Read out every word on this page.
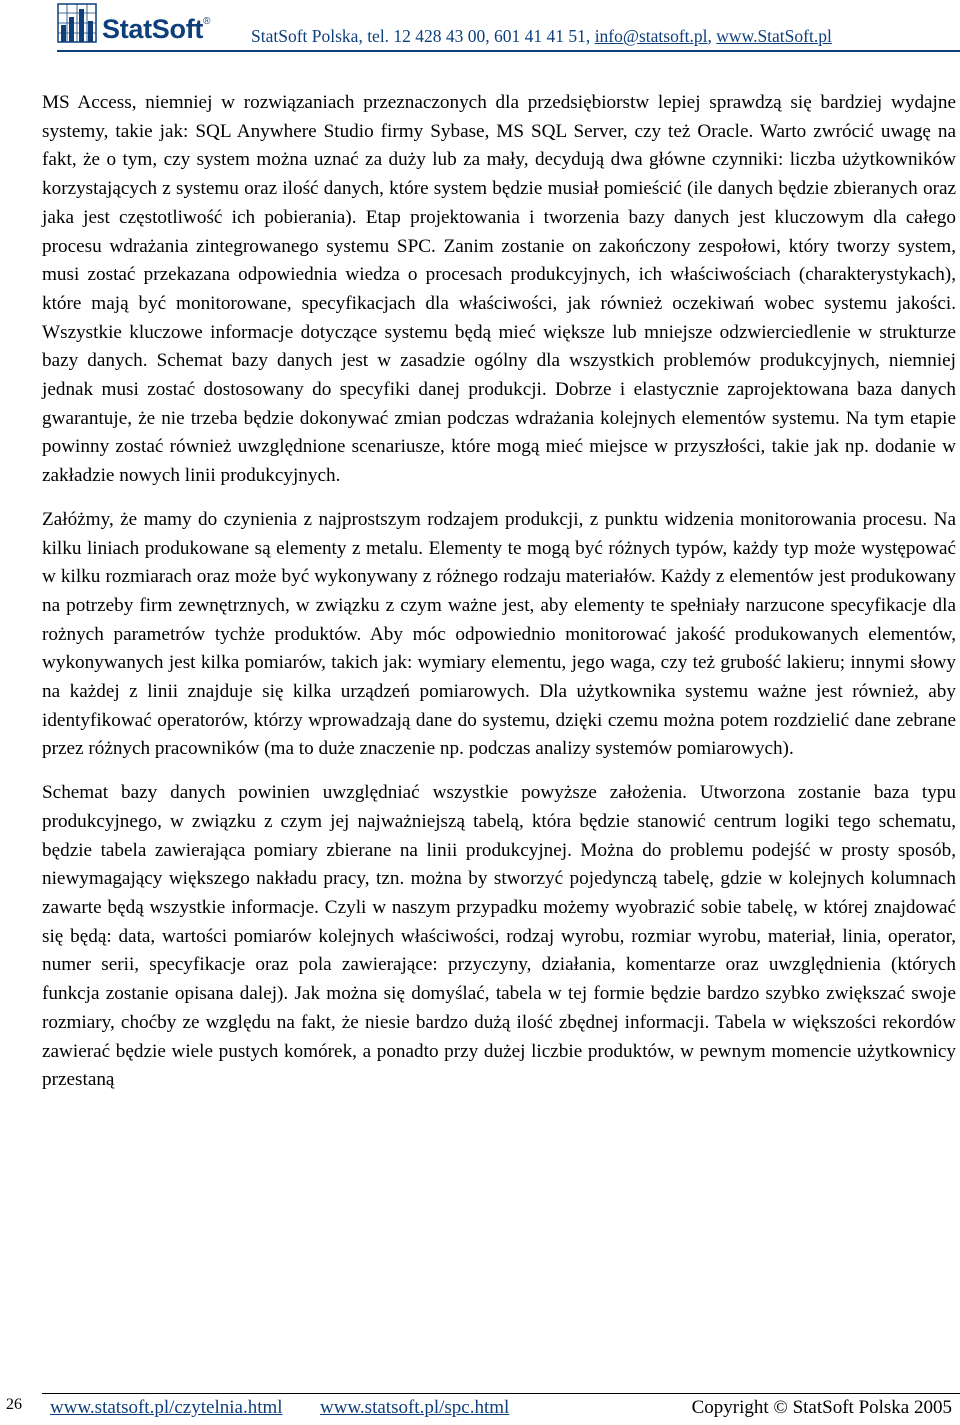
StatSoft®
StatSoft Polska, tel. 12 428 43 00, 601 41 41 51, info@statsoft.pl, www.StatSoft.pl

MS Access, niemniej w rozwiązaniach przeznaczonych dla przedsiębiorstw lepiej sprawdzą się bardziej wydajne systemy, takie jak: SQL Anywhere Studio firmy Sybase, MS SQL Server, czy też Oracle. Warto zwrócić uwagę na fakt, że o tym, czy system można uznać za duży lub za mały, decydują dwa główne czynniki: liczba użytkowników korzystających z systemu oraz ilość danych, które system będzie musiał pomieścić (ile danych będzie zbieranych oraz jaka jest częstotliwość ich pobierania). Etap projektowania i tworzenia bazy danych jest kluczowym dla całego procesu wdrażania zintegrowanego systemu SPC. Zanim zostanie on zakończony zespołowi, który tworzy system, musi zostać przekazana odpowiednia wiedza o procesach produkcyjnych, ich właściwościach (charakterystykach), które mają być monitorowane, specyfikacjach dla właściwości, jak również oczekiwań wobec systemu jakości. Wszystkie kluczowe informacje dotyczące systemu będą mieć większe lub mniejsze odzwierciedlenie w strukturze bazy danych. Schemat bazy danych jest w zasadzie ogólny dla wszystkich problemów produkcyjnych, niemniej jednak musi zostać dostosowany do specyfiki danej produkcji. Dobrze i elastycznie zaprojektowana baza danych gwarantuje, że nie trzeba będzie dokonywać zmian podczas wdrażania kolejnych elementów systemu. Na tym etapie powinny zostać również uwzględnione scenariusze, które mogą mieć miejsce w przyszłości, takie jak np. dodanie w zakładzie nowych linii produkcyjnych.

Załóżmy, że mamy do czynienia z najprostszym rodzajem produkcji, z punktu widzenia monitorowania procesu. Na kilku liniach produkowane są elementy z metalu. Elementy te mogą być różnych typów, każdy typ może występować w kilku rozmiarach oraz może być wykonywany z różnego rodzaju materiałów. Każdy z elementów jest produkowany na potrzeby firm zewnętrznych, w związku z czym ważne jest, aby elementy te spełniały narzucone specyfikacje dla rożnych parametrów tychże produktów. Aby móc odpowiednio monitorować jakość produkowanych elementów, wykonywanych jest kilka pomiarów, takich jak: wymiary elementu, jego waga, czy też grubość lakieru; innymi słowy na każdej z linii znajduje się kilka urządzeń pomiarowych. Dla użytkownika systemu ważne jest również, aby identyfikować operatorów, którzy wprowadzają dane do systemu, dzięki czemu można potem rozdzielić dane zebrane przez różnych pracowników (ma to duże znaczenie np. podczas analizy systemów pomiarowych).

Schemat bazy danych powinien uwzględniać wszystkie powyższe założenia. Utworzona zostanie baza typu produkcyjnego, w związku z czym jej najważniejszą tabelą, która będzie stanowić centrum logiki tego schematu, będzie tabela zawierająca pomiary zbierane na linii produkcyjnej. Można do problemu podejść w prosty sposób, niewymagający większego nakładu pracy, tzn. można by stworzyć pojedynczą tabelę, gdzie w kolejnych kolumnach zawarte będą wszystkie informacje. Czyli w naszym przypadku możemy wyobrazić sobie tabelę, w której znajdować się będą: data, wartości pomiarów kolejnych właściwości, rodzaj wyrobu, rozmiar wyrobu, materiał, linia, operator, numer serii, specyfikacje oraz pola zawierające: przyczyny, działania, komentarze oraz uwzględnienia (których funkcja zostanie opisana dalej). Jak można się domyślać, tabela w tej formie będzie bardzo szybko zwiększać swoje rozmiary, choćby ze względu na fakt, że niesie bardzo dużą ilość zbędnej informacji. Tabela w większości rekordów zawierać będzie wiele pustych komórek, a ponadto przy dużej liczbie produktów, w pewnym momencie użytkownicy przestaną

26 www.statsoft.pl/czytelnia.html www.statsoft.pl/spc.html	Copyright © StatSoft Polska 2005
